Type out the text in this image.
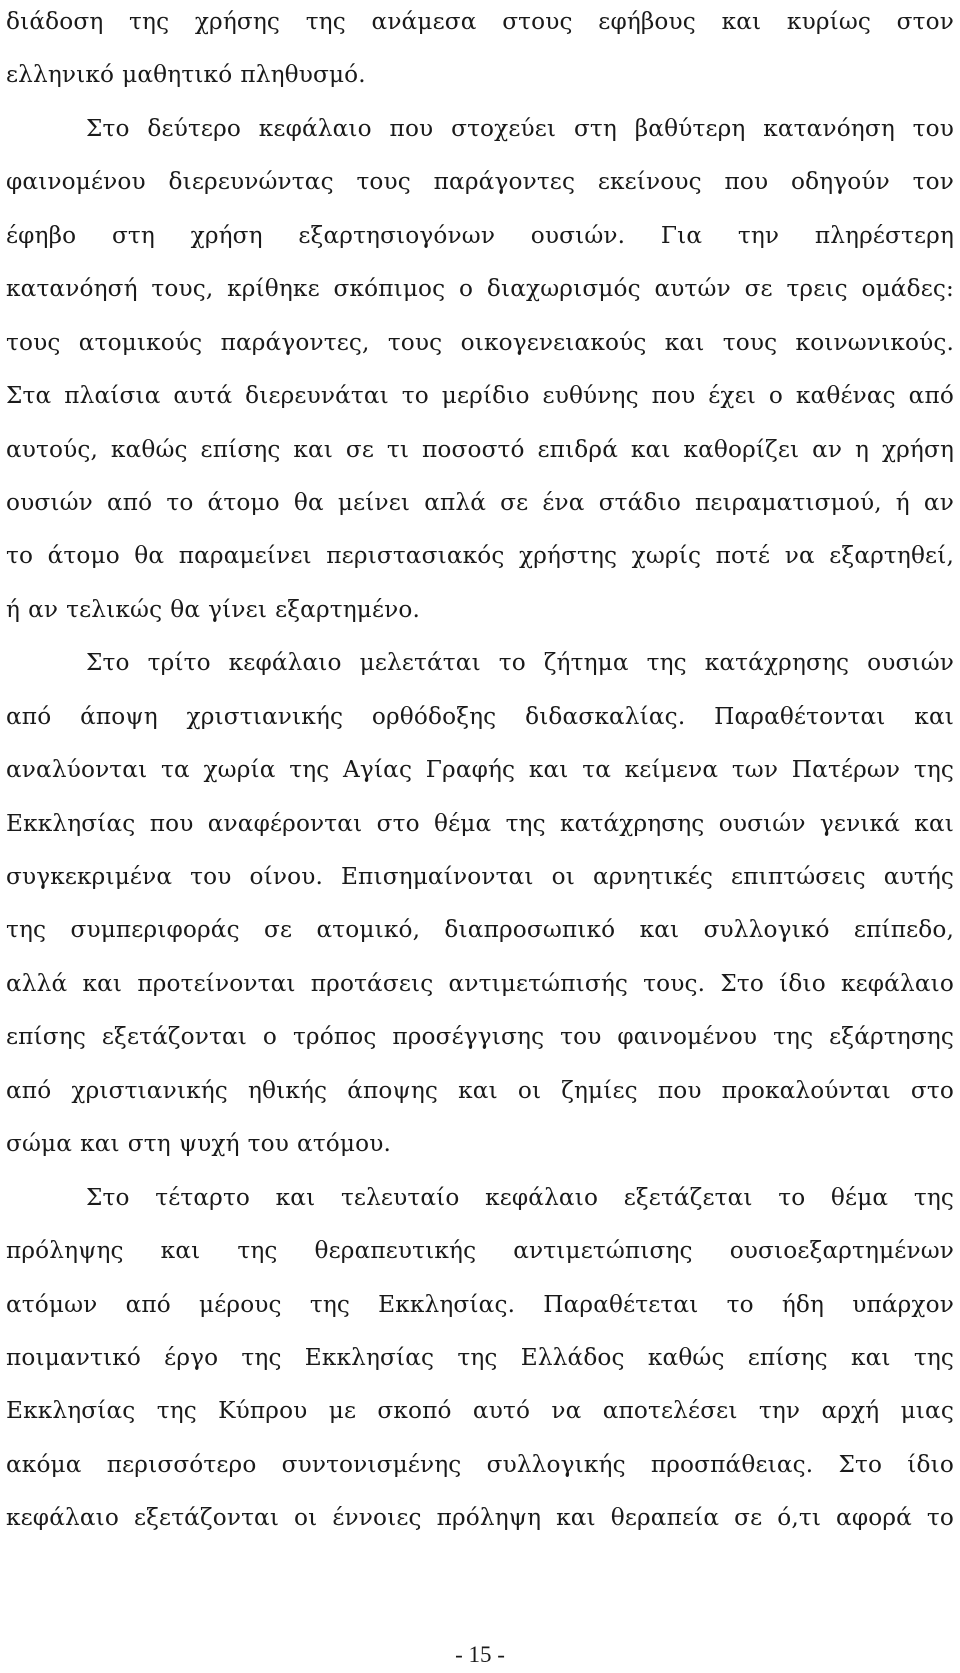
διάδοση της χρήσης της ανάμεσα στους εφήβους και κυρίως στον
ελληνικό μαθητικό πληθυσμό.
Στο δεύτερο κεφάλαιο που στοχεύει στη βαθύτερη κατανόηση του
φαινομένου διερευνώντας τους παράγοντες εκείνους που οδηγούν τον
έφηβο στη χρήση εξαρτησιογόνων ουσιών. Για την πληρέστερη
κατανόησή τους, κρίθηκε σκόπιμος ο διαχωρισμός αυτών σε τρεις ομάδες:
τους ατομικούς παράγοντες, τους οικογενειακούς και τους κοινωνικούς.
Στα πλαίσια αυτά διερευνάται το μερίδιο ευθύνης που έχει ο καθένας από
αυτούς, καθώς επίσης και σε τι ποσοστό επιδρά και καθορίζει αν η χρήση
ουσιών από το άτομο θα μείνει απλά σε ένα στάδιο πειραματισμού, ή αν
το άτομο θα παραμείνει περιστασιακός χρήστης χωρίς ποτέ να εξαρτηθεί,
ή αν τελικώς θα γίνει εξαρτημένο.
Στο τρίτο κεφάλαιο μελετάται το ζήτημα της κατάχρησης ουσιών
από άποψη χριστιανικής ορθόδοξης διδασκαλίας. Παραθέτονται και
αναλύονται τα χωρία της Αγίας Γραφής και τα κείμενα των Πατέρων της
Εκκλησίας που αναφέρονται στο θέμα της κατάχρησης ουσιών γενικά και
συγκεκριμένα του οίνου. Επισημαίνονται οι αρνητικές επιπτώσεις αυτής
της συμπεριφοράς σε ατομικό, διαπροσωπικό και συλλογικό επίπεδο,
αλλά και προτείνονται προτάσεις αντιμετώπισής τους. Στο ίδιο κεφάλαιο
επίσης εξετάζονται ο τρόπος προσέγγισης του φαινομένου της εξάρτησης
από χριστιανικής ηθικής άποψης και οι ζημίες που προκαλούνται στο
σώμα και στη ψυχή του ατόμου.
Στο τέταρτο και τελευταίο κεφάλαιο εξετάζεται το θέμα της
πρόληψης και της θεραπευτικής αντιμετώπισης ουσιοεξαρτημένων
ατόμων από μέρους της Εκκλησίας. Παραθέτεται το ήδη υπάρχον
ποιμαντικό έργο της Εκκλησίας της Ελλάδος καθώς επίσης και της
Εκκλησίας της Κύπρου με σκοπό αυτό να αποτελέσει την αρχή μιας
ακόμα περισσότερο συντονισμένης συλλογικής προσπάθειας. Στο ίδιο
κεφάλαιο εξετάζονται οι έννοιες πρόληψη και θεραπεία σε ό,τι αφορά το
- 15 -
